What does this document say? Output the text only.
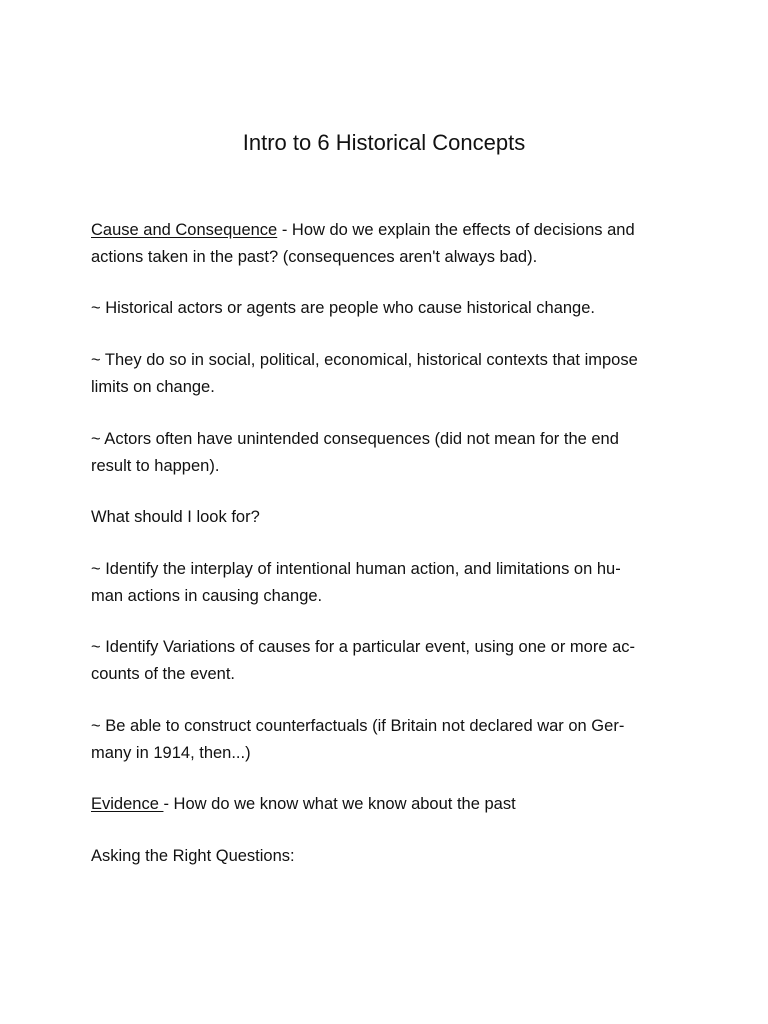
Intro to 6 Historical Concepts

Cause and Consequence - How do we explain the effects of decisions and
actions taken in the past? (consequences aren't always bad).

~ Historical actors or agents are people who cause historical change.

~ They do so in social, political, economical, historical contexts that impose
limits on change.

~ Actors often have unintended consequences (did not mean for the end
result to happen).

What should I look for?

~ Identify the interplay of intentional human action, and limitations on hu-
man actions in causing change.

~ Identify Variations of causes for a particular event, using one or more ac-
counts of the event.

~ Be able to construct counterfactuals (if Britain not declared war on Ger-
many in 1914, then...)

Evidence - How do we know what we know about the past

Asking the Right Questions:
